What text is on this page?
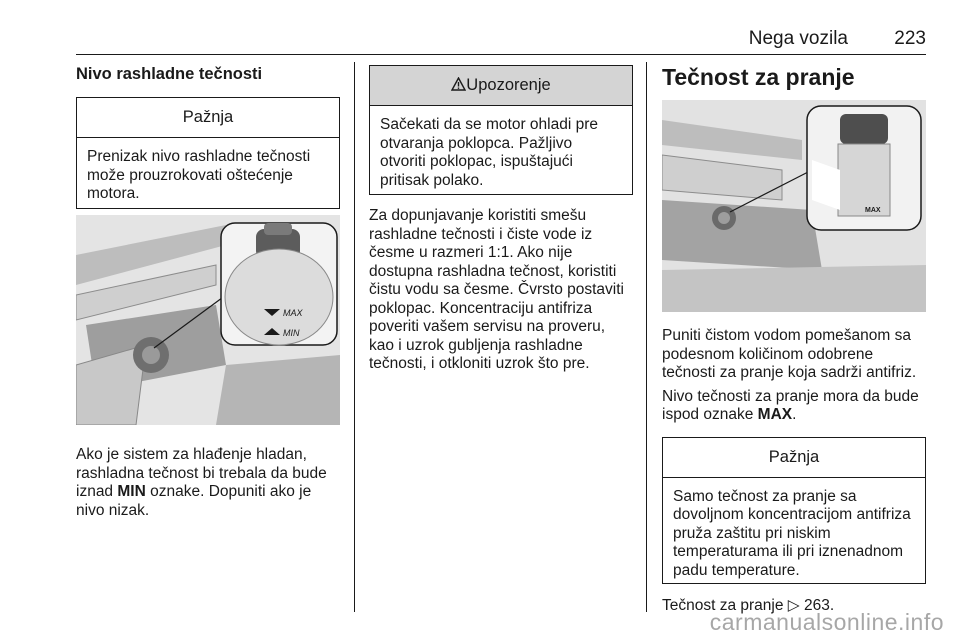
Nega vozila 223
Nivo rashladne tečnosti
Pažnja
Prenizak nivo rashladne tečnosti može prouzrokovati oštećenje motora.
MAX
MIN

Ako je sistem za hlađenje hladan, rashladna tečnost bi trebala da bude iznad MIN oznake. Dopuniti ako je nivo nizak.

Upozorenje
Sačekati da se motor ohladi pre otvaranja poklopca. Pažljivo otvoriti poklopac, ispuštajući pritisak polako.

Za dopunjavanje koristiti smešu rashladne tečnosti i čiste vode iz česme u razmeri 1:1. Ako nije dostupna rashladna tečnost, koristiti čistu vodu sa česme. Čvrsto postaviti poklopac. Koncentraciju antifriza poveriti vašem servisu na proveru, kao i uzrok gubljenja rashladne tečnosti, i otkloniti uzrok što pre.

Tečnost za pranje
MAX

Puniti čistom vodom pomešanom sa podesnom količinom odobrene tečnosti za pranje koja sadrži antifriz.

Nivo tečnosti za pranje mora da bude ispod oznake MAX.

Pažnja
Samo tečnost za pranje sa dovoljnom koncentracijom antifriza pruža zaštitu pri niskim temperaturama ili pri iznenadnom padu temperature.

Tečnost za pranje ▷ 263.

carmanualsonline.info
